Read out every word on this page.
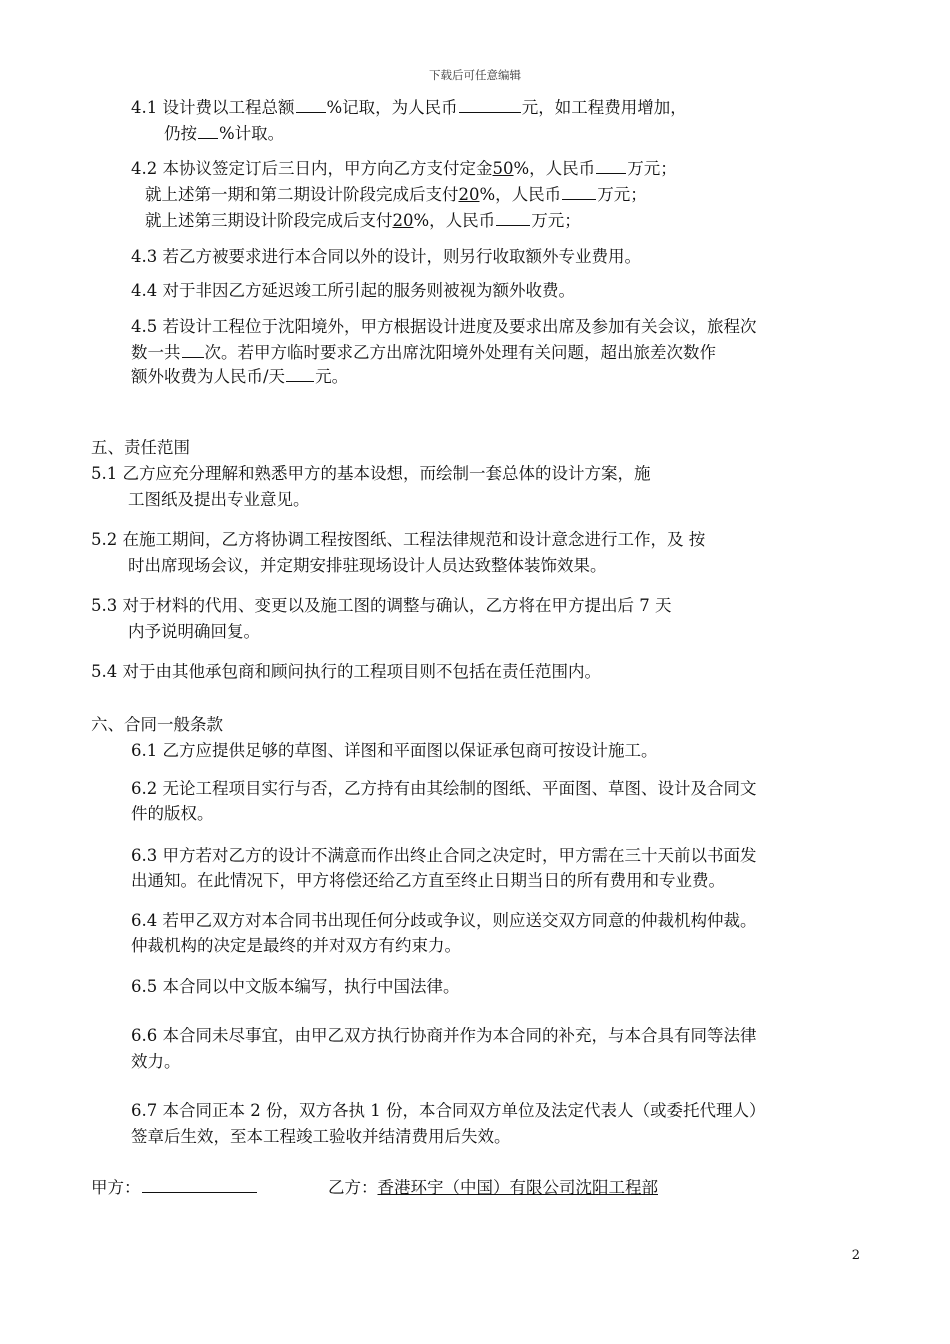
下载后可任意编辑
4.1 设计费以工程总额 %记取，为人民币	元，如工程费用增加，
仍按 %计取。
4.2 本协议签定订后三日内，甲方向乙方支付定金50%，人民币 万元；
就上述第一期和第二期设计阶段完成后支付20%，人民币 万元；
就上述第三期设计阶段完成后支付20%，人民币 万元；
4.3 若乙方被要求进行本合同以外的设计，则另行收取额外专业费用。
4.4 对于非因乙方延迟竣工所引起的服务则被视为额外收费。
4.5 若设计工程位于沈阳境外，甲方根据设计进度及要求出席及参加有关会议，旅程次
数一共 次。若甲方临时要求乙方出席沈阳境外处理有关问题，超出旅差次数作
额外收费为人民币/天 元。
五、责任范围
5.1 乙方应充分理解和熟悉甲方的基本设想，而绘制一套总体的设计方案，施
工图纸及提出专业意见。
5.2 在施工期间，乙方将协调工程按图纸、工程法律规范和设计意念进行工作，及 按
时出席现场会议，并定期安排驻现场设计人员达致整体装饰效果。
5.3 对于材料的代用、变更以及施工图的调整与确认，乙方将在甲方提出后 7 天
内予说明确回复。
5.4 对于由其他承包商和顾问执行的工程项目则不包括在责任范围内。
六、合同一般条款
6.1 乙方应提供足够的草图、详图和平面图以保证承包商可按设计施工。
6.2 无论工程项目实行与否，乙方持有由其绘制的图纸、平面图、草图、设计及合同文
件的版权。
6.3 甲方若对乙方的设计不满意而作出终止合同之决定时，甲方需在三十天前以书面发
出通知。在此情况下，甲方将偿还给乙方直至终止日期当日的所有费用和专业费。
6.4 若甲乙双方对本合同书出现任何分歧或争议，则应送交双方同意的仲裁机构仲裁。
仲裁机构的决定是最终的并对双方有约束力。
6.5 本合同以中文版本编写，执行中国法律。
6.6 本合同未尽事宜，由甲乙双方执行协商并作为本合同的补充，与本合具有同等法律
效力。
6.7 本合同正本 2 份，双方各执 1 份，本合同双方单位及法定代表人（或委托代理人）
签章后生效，至本工程竣工验收并结清费用后失效。
甲方：	乙方：香港环宇（中国）有限公司沈阳工程部
2
